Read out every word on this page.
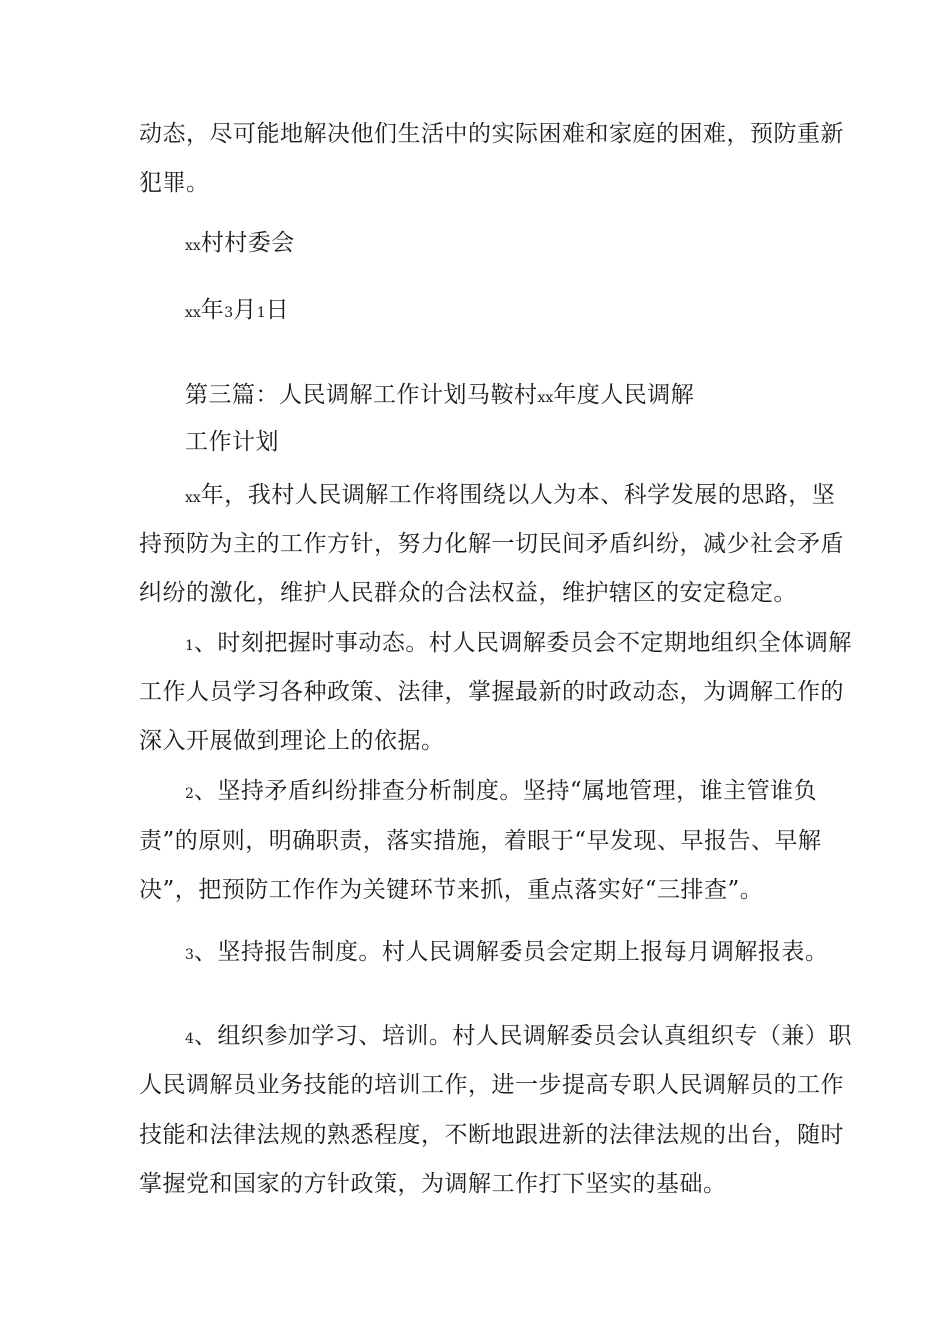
动态，尽可能地解决他们生活中的实际困难和家庭的困难，预防重新
犯罪。
xx村村委会
xx年3月1日
第三篇：人民调解工作计划马鞍村xx年度人民调解
工作计划
xx年，我村人民调解工作将围绕以人为本、科学发展的思路，坚
持预防为主的工作方针，努力化解一切民间矛盾纠纷，减少社会矛盾
纠纷的激化，维护人民群众的合法权益，维护辖区的安定稳定。
1、时刻把握时事动态。村人民调解委员会不定期地组织全体调解
工作人员学习各种政策、法律，掌握最新的时政动态，为调解工作的
深入开展做到理论上的依据。
2、坚持矛盾纠纷排查分析制度。坚持“属地管理，谁主管谁负
责”的原则，明确职责，落实措施，着眼于“早发现、早报告、早解
决”，把预防工作作为关键环节来抓，重点落实好“三排查”。
3、坚持报告制度。村人民调解委员会定期上报每月调解报表。
4、组织参加学习、培训。村人民调解委员会认真组织专（兼）职
人民调解员业务技能的培训工作，进一步提高专职人民调解员的工作
技能和法律法规的熟悉程度，不断地跟进新的法律法规的出台，随时
掌握党和国家的方针政策，为调解工作打下坚实的基础。
